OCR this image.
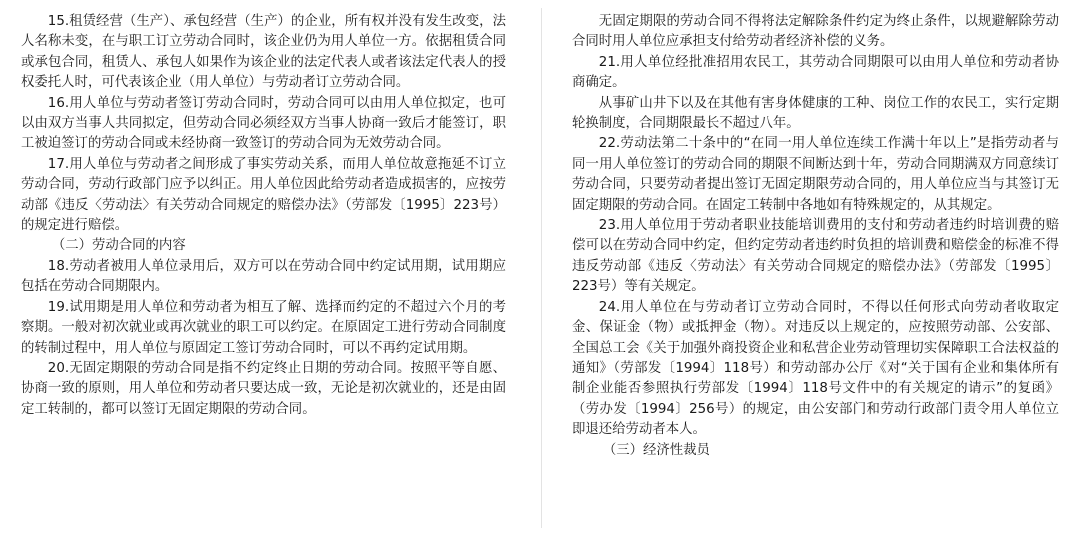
15.租赁经营（生产）、承包经营（生产）的企业，所有权并没有发生改变，法人名称未变，在与职工订立劳动合同时，该企业仍为用人单位一方。依据租赁合同或承包合同，租赁人、承包人如果作为该企业的法定代表人或者该法定代表人的授权委托人时，可代表该企业（用人单位）与劳动者订立劳动合同。

16.用人单位与劳动者签订劳动合同时，劳动合同可以由用人单位拟定，也可以由双方当事人共同拟定，但劳动合同必须经双方当事人协商一致后才能签订，职工被迫签订的劳动合同或未经协商一致签订的劳动合同为无效劳动合同。

17.用人单位与劳动者之间形成了事实劳动关系，而用人单位故意拖延不订立劳动合同，劳动行政部门应予以纠正。用人单位因此给劳动者造成损害的，应按劳动部《违反〈劳动法〉有关劳动合同规定的赔偿办法》（劳部发〔1995〕223号）的规定进行赔偿。

（二）劳动合同的内容

18.劳动者被用人单位录用后，双方可以在劳动合同中约定试用期，试用期应包括在劳动合同期限内。

19.试用期是用人单位和劳动者为相互了解、选择而约定的不超过六个月的考察期。一般对初次就业或再次就业的职工可以约定。在原固定工进行劳动合同制度的转制过程中，用人单位与原固定工签订劳动合同时，可以不再约定试用期。

20.无固定期限的劳动合同是指不约定终止日期的劳动合同。按照平等自愿、协商一致的原则，用人单位和劳动者只要达成一致，无论是初次就业的，还是由固定工转制的，都可以签订无固定期限的劳动合同。

无固定期限的劳动合同不得将法定解除条件约定为终止条件，以规避解除劳动合同时用人单位应承担支付给劳动者经济补偿的义务。

21.用人单位经批准招用农民工，其劳动合同期限可以由用人单位和劳动者协商确定。

从事矿山井下以及在其他有害身体健康的工种、岗位工作的农民工，实行定期轮换制度，合同期限最长不超过八年。

22.劳动法第二十条中的“在同一用人单位连续工作满十年以上”是指劳动者与同一用人单位签订的劳动合同的期限不间断达到十年，劳动合同期满双方同意续订劳动合同，只要劳动者提出签订无固定期限劳动合同的，用人单位应当与其签订无固定期限的劳动合同。在固定工转制中各地如有特殊规定的，从其规定。

23.用人单位用于劳动者职业技能培训费用的支付和劳动者违约时培训费的赔偿可以在劳动合同中约定，但约定劳动者违约时负担的培训费和赔偿金的标准不得违反劳动部《违反〈劳动法〉有关劳动合同规定的赔偿办法》（劳部发〔1995〕223号）等有关规定。

24.用人单位在与劳动者订立劳动合同时，不得以任何形式向劳动者收取定金、保证金（物）或抵押金（物）。对违反以上规定的，应按照劳动部、公安部、全国总工会《关于加强外商投资企业和私营企业劳动管理切实保障职工合法权益的通知》（劳部发〔1994〕118号）和劳动部办公厅《对“关于国有企业和集体所有制企业能否参照执行劳部发〔1994〕118号文件中的有关规定的请示”的复函》（劳办发〔1994〕256号）的规定，由公安部门和劳动行政部门责令用人单位立即退还给劳动者本人。

（三）经济性裁员
